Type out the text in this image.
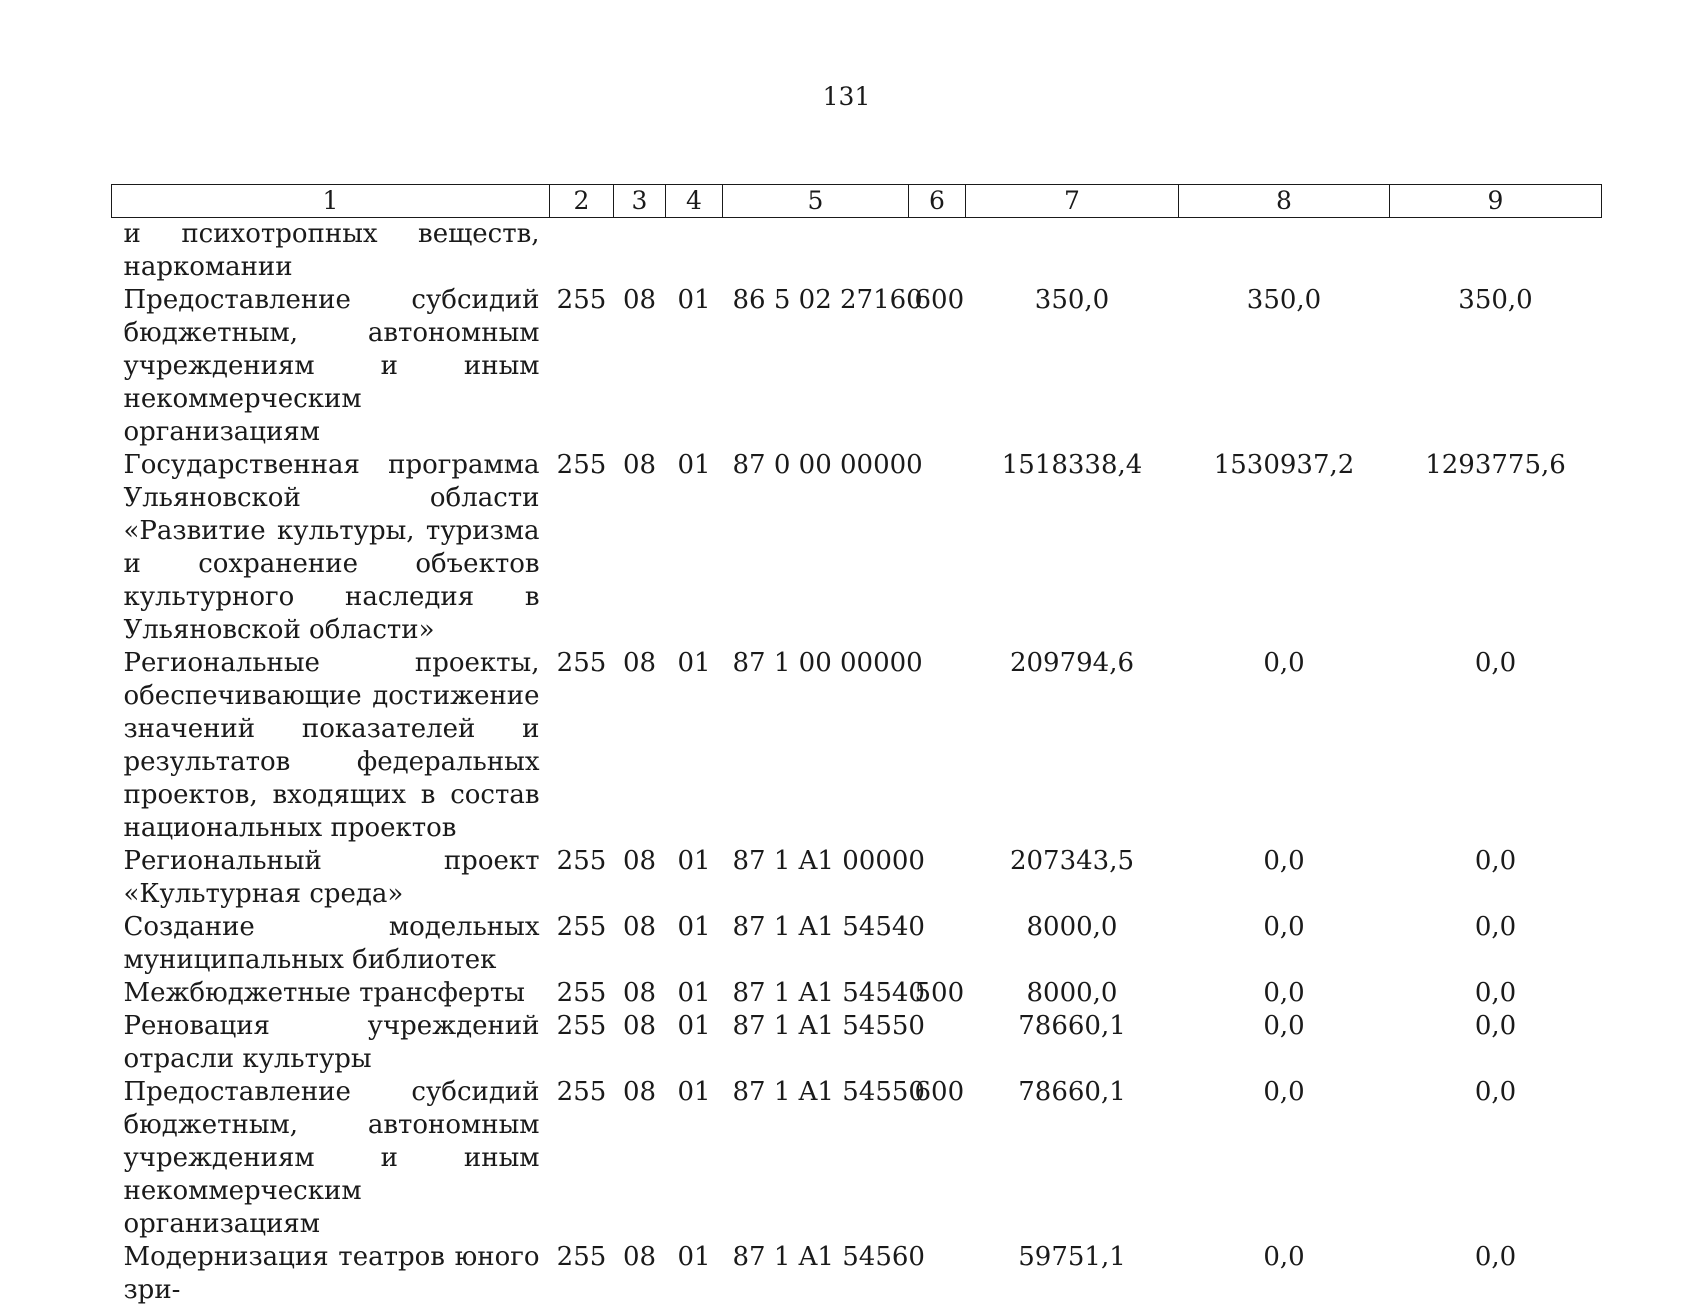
131
1	2	3	4	5	6	7	8	9
и психотропных веществ, наркомании								
Предоставление субсидий бюджетным, автономным учреждениям и иным некоммерческим организациям	255	08	01	86 5 02 27160	600	350,0	350,0	350,0
Государственная программа Ульяновской области «Развитие культуры, туризма и сохранение объектов культурного наследия в Ульяновской области»	255	08	01	87 0 00 00000		1518338,4	1530937,2	1293775,6
Региональные проекты, обеспечивающие достижение значений показателей и результатов федеральных проектов, входящих в состав национальных проектов	255	08	01	87 1 00 00000		209794,6	0,0	0,0
Региональный проект «Культурная среда»	255	08	01	87 1 A1 00000		207343,5	0,0	0,0
Создание модельных муниципальных библиотек	255	08	01	87 1 A1 54540		8000,0	0,0	0,0
Межбюджетные трансферты	255	08	01	87 1 A1 54540	500	8000,0	0,0	0,0
Реновация учреждений отрасли культуры	255	08	01	87 1 A1 54550		78660,1	0,0	0,0
Предоставление субсидий бюджетным, автономным учреждениям и иным некоммерческим организациям	255	08	01	87 1 A1 54550	600	78660,1	0,0	0,0
Модернизация театров юного зри-	255	08	01	87 1 A1 54560		59751,1	0,0	0,0
